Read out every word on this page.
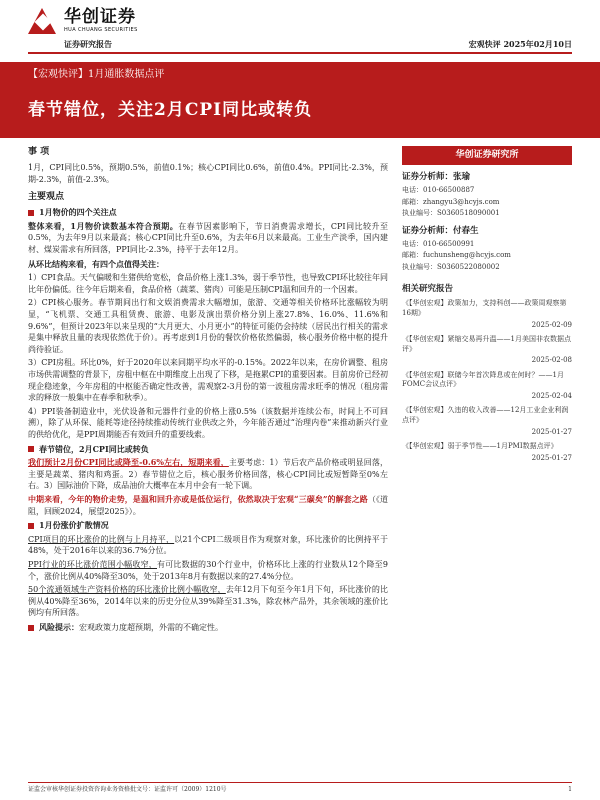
华创证券
HUA CHUANG SECURITIES
证券研究报告	宏观快评 2025年02月10日
【宏观快评】1月通胀数据点评
春节错位，关注2月CPI同比或转负
事 项
1月，CPI同比0.5%，预期0.5%，前值0.1%；核心CPI同比0.6%，前值0.4%。PPI同比-2.3%，预期-2.3%，前值-2.3%。
主要观点
1月物价的四个关注点
整体来看，1月物价读数基本符合预期。在春节因素影响下，节日消费需求增长，CPI同比较升至0.5%，为去年9月以来最高；核心CPI同比升至0.6%，为去年6月以来最高。工业生产淡季，国内建材、煤炭需求有所回落，PPI同比-2.3%，持平于去年12月。
从环比结构来看，有四个点值得关注：
1）CPI食品。天气偏暖和生猪供给宽松，食品价格上涨1.3%，弱于季节性，也导致CPI环比较往年同比年份偏低。往今年后期来看，食品价格（蔬菜、猪肉）可能是压制CPI温和回升的一个因素。
2）CPI核心服务。春节期间出行和文娱消费需求大幅增加，旅游、交通等相关价格环比涨幅较为明显，“飞机票、交通工具租赁费、旅游、电影及演出票价格分别上涨27.8%、16.0%、11.6%和9.6%”，但预计2023年以来呈现的“大月更大、小月更小”的特征可能仍会持续（居民出行相关的需求是集中释放且量的表现依然优于价）。再考虑到1月份的餐饮价格依然偏弱，核心服务价格中枢的提升尚待验证。
3）CPI房租。环比0%，好于2020年以来同期平均水平的-0.15%。2022年以来，在房价调整、租房市场供需调整的背景下，房租中枢在中期维度上出现了下移，是拖累CPI的重要因素。目前房价已经初现企稳迹象，今年房租的中枢能否确定性改善，需观察2-3月份的第一波租房需求旺季的情况（租房需求的释放一般集中在春季和秋季）。
4）PPI装备制造业中，光伏设备和元器件行业的价格上涨0.5%（该数据并连续公布，时间上不可回溯），除了从环保、能耗等途径持续推动传统行业供改之外，今年能否通过“治理内卷”来推动新兴行业的供给优化，是PPI周期能否有效回升的重要线索。
春节错位，2月CPI同比或转负
我们预计2月份CPI同比或降至-0.6%左右，短期来看，主要考虑：1）节后农产品价格或明显回落，主要是蔬菜、猪肉和鸡蛋。2）春节错位之后，核心服务价格回落，核心CPI同比或短暂降至0%左右。3）国际油价下降，成品油价大概率在本月中会有一轮下调。
中期来看，今年的物价走势，是温和回升亦或是低位运行，依然取决于宏观“三碳矣”的解套之路（《道阻，回顾2024，展望2025》）。
1月份涨价扩散情况
CPI项目的环比涨价的比例与上月持平，以21个CPI二级项目作为观察对象，环比涨价的比例持平于48%，处于2016年以来的36.7%分位。
PPI行业的环比涨价范围小幅收窄，有可比数据的30个行业中，价格环比上涨的行业数从12个降至9个，涨价比例从40%降至30%，处于2013年8月有数据以来的27.4%分位。
50个流通领域生产资料价格的环比涨价比例小幅收窄，去年12月下旬至今年1月下旬，环比涨价的比例从40%降至36%，2014年以来的历史分位从39%降至31.3%，除农林产品外，其余领域的涨价比例均有所回落。
风险提示： 宏观政策力度超预期，外需的不确定性。
华创证券研究所
证券分析师：张瑜
电话：010-66500887
邮箱：zhangyu3@hcyjs.com
执业编号：S0360518090001
证券分析师：付春生
电话：010-66500991
邮箱：fuchunsheng@hcyjs.com
执业编号：S0360522080002
相关研究报告
《【华创宏观】政策加力，支持科创——政策周观察第16期》
2025-02-09
《【华创宏观】紧缩交易再升温——1月美国非农数据点评》
2025-02-08
《【华创宏观】联储今年首次降息或在何时？——1月FOMC会议点评》
2025-02-04
《【华创宏观】久违的收入改善——12月工业企业利润点评》
2025-01-27
《【华创宏观】弱于季节性——1月PMI数据点评》
2025-01-27
证监会审核华创证券投资咨询业务资格批文号：证监许可（2009）1210号	1
